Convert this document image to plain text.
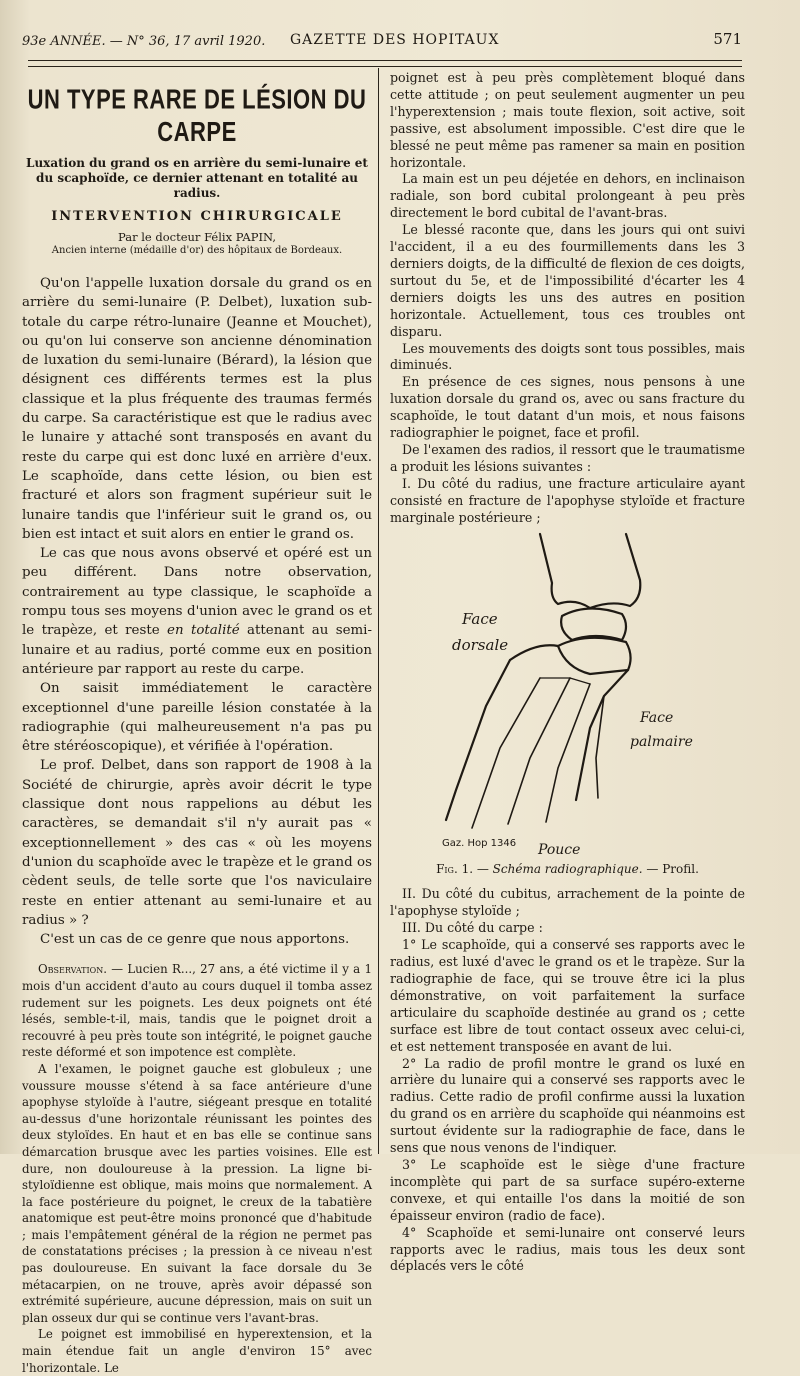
93e ANNÉE. — N° 36, 17 avril 1920. GAZETTE DES HOPITAUX	571
UN TYPE RARE DE LÉSION DU CARPE
Luxation du grand os en arrière du semi-lunaire et du scaphoïde, ce dernier attenant en totalité au radius.
INTERVENTION CHIRURGICALE
Par le docteur Félix PAPIN,
Ancien interne (médaille d'or) des hôpitaux de Bordeaux.

Qu'on l'appelle luxation dorsale du grand os en arrière du semi-lunaire (P. Delbet), luxation sub-totale du carpe rétro-lunaire (Jeanne et Mouchet), ou qu'on lui conserve son ancienne dénomination de luxation du semi-lunaire (Bérard), la lésion que désignent ces différents termes est la plus classique et la plus fréquente des traumas fermés du carpe. Sa caractéristique est que le radius avec le lunaire y attaché sont transposés en avant du reste du carpe qui est donc luxé en arrière d'eux. Le scaphoïde, dans cette lésion, ou bien est fracturé et alors son fragment supérieur suit le lunaire tandis que l'inférieur suit le grand os, ou bien est intact et suit alors en entier le grand os.

Le cas que nous avons observé et opéré est un peu différent. Dans notre observation, contrairement au type classique, le scaphoïde a rompu tous ses moyens d'union avec le grand os et le trapèze, et reste en totalité attenant au semi-lunaire et au radius, porté comme eux en position antérieure par rapport au reste du carpe.

On saisit immédiatement le caractère exceptionnel d'une pareille lésion constatée à la radiographie (qui malheureusement n'a pas pu être stéréoscopique), et vérifiée à l'opération.

Le prof. Delbet, dans son rapport de 1908 à la Société de chirurgie, après avoir décrit le type classique dont nous rappelions au début les caractères, se demandait s'il n'y aurait pas « exceptionnellement » des cas « où les moyens d'union du scaphoïde avec le trapèze et le grand os cèdent seuls, de telle sorte que l'os naviculaire reste en entier attenant au semi-lunaire et au radius » ?

C'est un cas de ce genre que nous apportons.

Observation. — Lucien R..., 27 ans, a été victime il y a 1 mois d'un accident d'auto au cours duquel il tomba assez rudement sur les poignets. Les deux poignets ont été lésés, semble-t-il, mais, tandis que le poignet droit a recouvré à peu près toute son intégrité, le poignet gauche reste déformé et son impotence est complète.

A l'examen, le poignet gauche est globuleux ; une voussure mousse s'étend à sa face antérieure d'une apophyse styloïde à l'autre, siégeant presque en totalité au-dessus d'une horizontale réunissant les pointes des deux styloïdes. En haut et en bas elle se continue sans démarcation brusque avec les parties voisines. Elle est dure, non douloureuse à la pression. La ligne bi-styloïdienne est oblique, mais moins que normalement. A la face postérieure du poignet, le creux de la tabatière anatomique est peut-être moins prononcé que d'habitude ; mais l'empâtement général de la région ne permet pas de constatations précises ; la pression à ce niveau n'est pas douloureuse. En suivant la face dorsale du 3e métacarpien, on ne trouve, après avoir dépassé son extrémité supérieure, aucune dépression, mais on suit un plan osseux dur qui se continue vers l'avant-bras.

Le poignet est immobilisé en hyperextension, et la main étendue fait un angle d'environ 15° avec l'horizontale. Le

poignet est à peu près complètement bloqué dans cette attitude ; on peut seulement augmenter un peu l'hyperextension ; mais toute flexion, soit active, soit passive, est absolument impossible. C'est dire que le blessé ne peut même pas ramener sa main en position horizontale.

La main est un peu déjetée en dehors, en inclinaison radiale, son bord cubital prolongeant à peu près directement le bord cubital de l'avant-bras.

Le blessé raconte que, dans les jours qui ont suivi l'accident, il a eu des fourmillements dans les 3 derniers doigts, de la difficulté de flexion de ces doigts, surtout du 5e, et de l'impossibilité d'écarter les 4 derniers doigts les uns des autres en position horizontale. Actuellement, tous ces troubles ont disparu.

Les mouvements des doigts sont tous possibles, mais diminués.

En présence de ces signes, nous pensons à une luxation dorsale du grand os, avec ou sans fracture du scaphoïde, le tout datant d'un mois, et nous faisons radiographier le poignet, face et profil.

De l'examen des radios, il ressort que le traumatisme a produit les lésions suivantes :

I. Du côté du radius, une fracture articulaire ayant consisté en fracture de l'apophyse styloïde et fracture marginale postérieure ;

Face
dorsale
Face
palmaire
Gaz. Hop 1346 Pouce
Fig. 1. — Schéma radiographique. — Profil.

II. Du côté du cubitus, arrachement de la pointe de l'apophyse styloïde ;

III. Du côté du carpe :

1° Le scaphoïde, qui a conservé ses rapports avec le radius, est luxé d'avec le grand os et le trapèze. Sur la radiographie de face, qui se trouve être ici la plus démonstrative, on voit parfaitement la surface articulaire du scaphoïde destinée au grand os ; cette surface est libre de tout contact osseux avec celui-ci, et est nettement transposée en avant de lui.

2° La radio de profil montre le grand os luxé en arrière du lunaire qui a conservé ses rapports avec le radius. Cette radio de profil confirme aussi la luxation du grand os en arrière du scaphoïde qui néanmoins est surtout évidente sur la radiographie de face, dans le sens que nous venons de l'indiquer.

3° Le scaphoïde est le siège d'une fracture incomplète qui part de sa surface supéro-externe convexe, et qui entaille l'os dans la moitié de son épaisseur environ (radio de face).

4° Scaphoïde et semi-lunaire ont conservé leurs rapports avec le radius, mais tous les deux sont déplacés vers le côté
